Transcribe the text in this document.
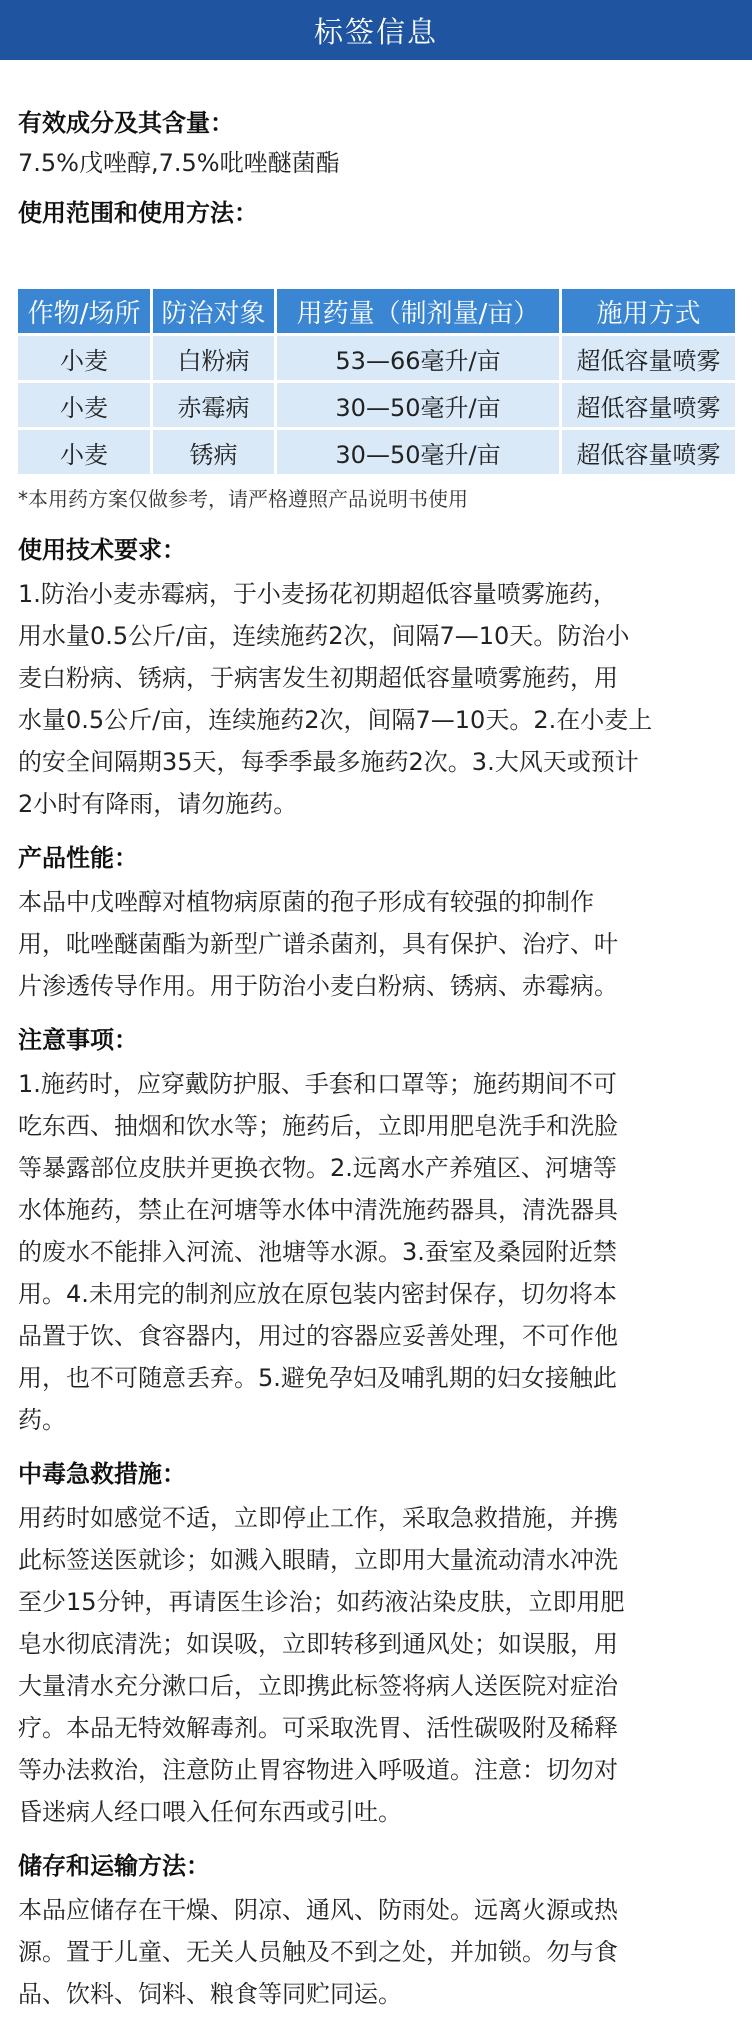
标签信息
有效成分及其含量：

7.5%戊唑醇,7.5%吡唑醚菌酯

使用范围和使用方法：
作物/场所	防治对象	用药量（制剂量/亩）	施用方式
小麦	白粉病	53—66毫升/亩	超低容量喷雾
小麦	赤霉病	30—50毫升/亩	超低容量喷雾
小麦	锈病	30—50毫升/亩	超低容量喷雾
*本用药方案仅做参考，请严格遵照产品说明书使用
使用技术要求：

1.防治小麦赤霉病，于小麦扬花初期超低容量喷雾施药，

用水量0.5公斤/亩，连续施药2次，间隔7—10天。防治小

麦白粉病、锈病，于病害发生初期超低容量喷雾施药，用

水量0.5公斤/亩，连续施药2次，间隔7—10天。2.在小麦上

的安全间隔期35天，每季季最多施药2次。3.大风天或预计

2小时有降雨，请勿施药。

产品性能：

本品中戊唑醇对植物病原菌的孢子形成有较强的抑制作

用，吡唑醚菌酯为新型广谱杀菌剂，具有保护、治疗、叶

片渗透传导作用。用于防治小麦白粉病、锈病、赤霉病。

注意事项：

1.施药时，应穿戴防护服、手套和口罩等；施药期间不可

吃东西、抽烟和饮水等；施药后，立即用肥皂洗手和洗脸

等暴露部位皮肤并更换衣物。2.远离水产养殖区、河塘等

水体施药，禁止在河塘等水体中清洗施药器具，清洗器具

的废水不能排入河流、池塘等水源。3.蚕室及桑园附近禁

用。4.未用完的制剂应放在原包装内密封保存，切勿将本

品置于饮、食容器内，用过的容器应妥善处理，不可作他

用，也不可随意丢弃。5.避免孕妇及哺乳期的妇女接触此

药。

中毒急救措施：

用药时如感觉不适，立即停止工作，采取急救措施，并携

此标签送医就诊；如溅入眼睛，立即用大量流动清水冲洗

至少15分钟，再请医生诊治；如药液沾染皮肤，立即用肥

皂水彻底清洗；如误吸，立即转移到通风处；如误服，用

大量清水充分漱口后，立即携此标签将病人送医院对症治

疗。本品无特效解毒剂。可采取洗胃、活性碳吸附及稀释

等办法救治，注意防止胃容物进入呼吸道。注意：切勿对

昏迷病人经口喂入任何东西或引吐。

储存和运输方法：

本品应储存在干燥、阴凉、通风、防雨处。远离火源或热

源。置于儿童、无关人员触及不到之处，并加锁。勿与食

品、饮料、饲料、粮食等同贮同运。
